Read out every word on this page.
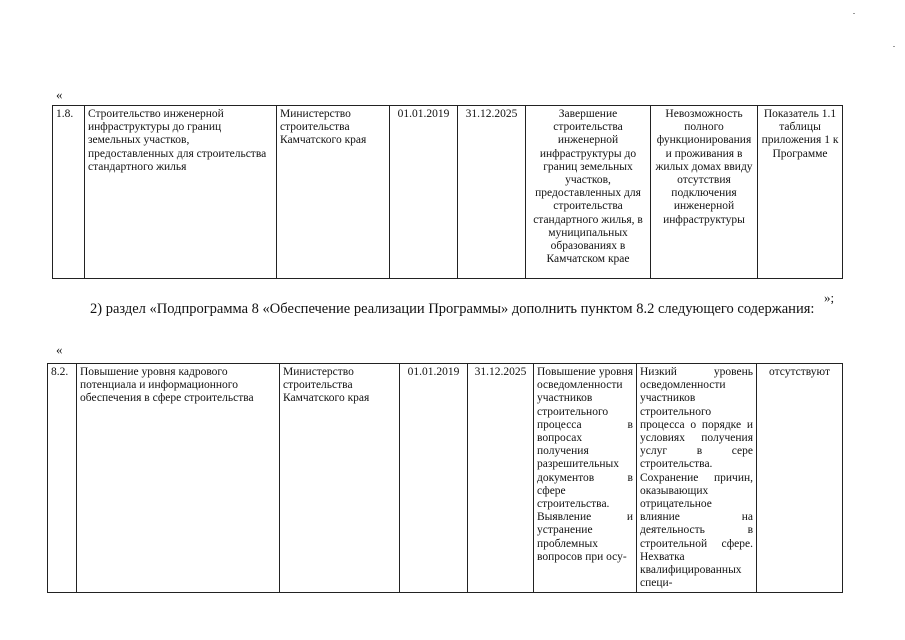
«
1.8.	Строительство инженерной инфраструктуры до границ земельных участков, предоставленных для строительства стандартного жилья	Министерство строительства Камчатского края	01.01.2019	31.12.2025	Завершение строительства инженерной инфраструктуры до границ земельных участков, предоставленных для строительства стандартного жилья, в муниципальных образованиях в Камчатском крае	Невозможность полного функционирования и проживания в жилых домах ввиду отсутствия подключения инженерной инфраструктуры	Показатель 1.1 таблицы приложения 1 к Программе
»;
2) раздел «Подпрограмма 8 «Обеспечение реализации Программы» дополнить пунктом 8.2 следующего содержания:
«
8.2.	Повышение уровня кадрового потенциала и информационного обеспечения в сфере строительства	Министерство строительства Камчатского края	01.01.2019	31.12.2025	Повышение уровня осведомленности участников строительного процесса в вопросах получения разрешительных документов в сфере строительства. Выявление и устранение проблемных вопросов при осу-	Низкий уровень осведомленности участников строительного процесса о порядке и условиях получения услуг в сере строительства. Сохранение причин, оказывающих отрицательное влияние на деятельность в строительной сфере. Нехватка квалифицированных специ-	отсутствуют
